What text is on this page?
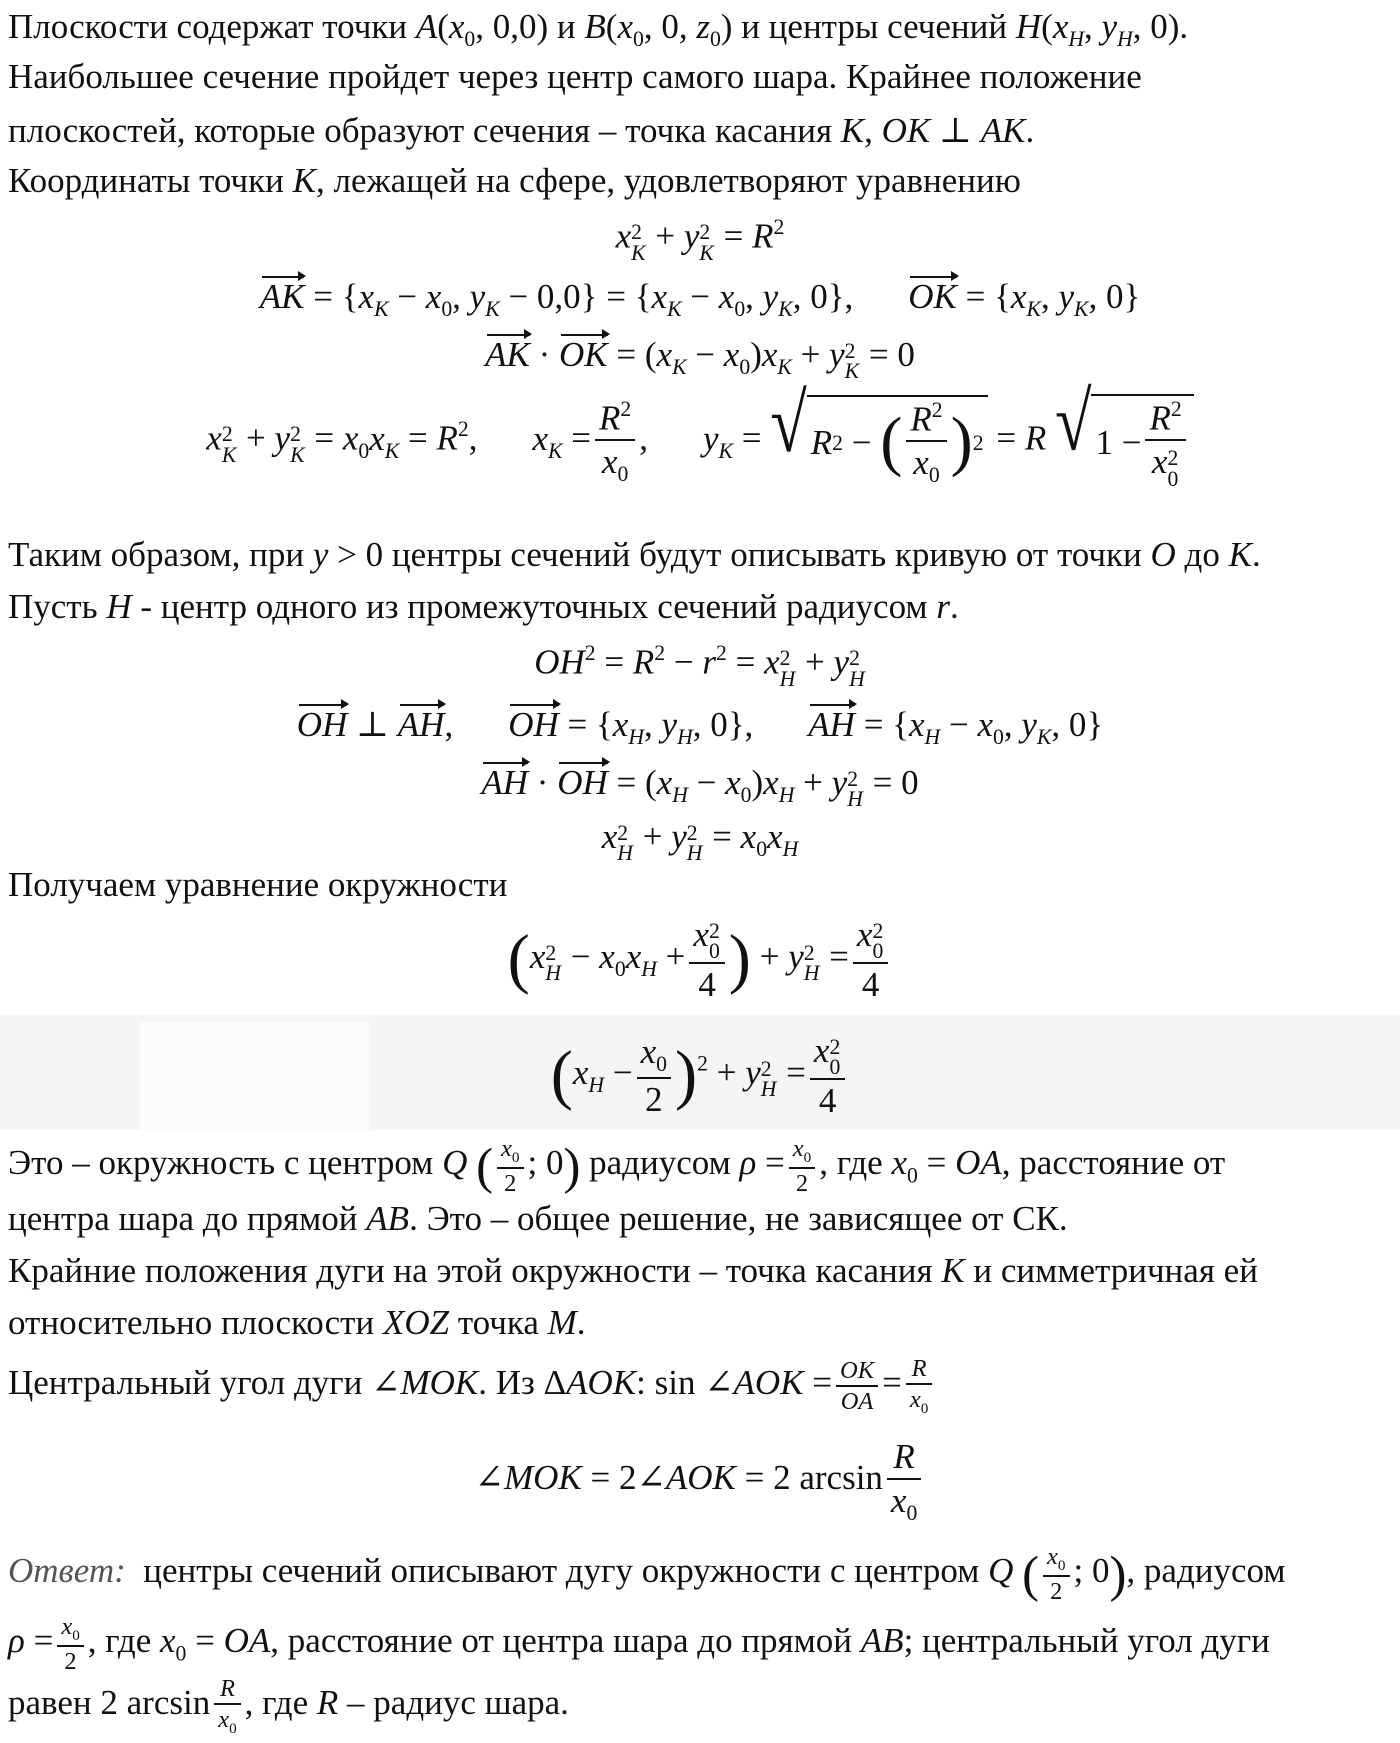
Плоскости содержат точки $A(x_0$, 0,0) и $B(x_0$, 0, $z_0$) и центры сечений $H(x_H$, $y_H$, 0).
Наибольшее сечение пройдет через центр самого шара. Крайнее положение
плоскостей, которые образуют сечения – точка касания K, OK ⊥ AK.
Координаты точки K, лежащей на сфере, удовлетворяют уравнению
x 2
K + y 2
$K = R^2$
AK = {$x_K - x_0$, $y_K - 0,0\} = \{x_K - x_0$, $y_K$, 0}, OK = {$x_K$, $y_K$, 0}
AK · OK = $(x_K - x_0)x_K + y$ 2
K = 0
x 2
K + y 2
$K = x_0x_K = R^2$, $x_K = \frac{R^2}{x_0}$ , $y_K$ = √ R 2 − ( $\frac{R^2}{x_0}$ ) 2 = R √ $1 - R^2$
x 2
0
Таким образом, при y > 0 центры сечений будут описывать кривую от точки O до K.
Пусть H - центр одного из промежуточных сечений радиусом r.
$OH^2 = R^2 - r^2 = x$ 2
H + y 2
H
OH ⊥ AH, OH = {$x_H$, $y_H$, 0}, AH = {$x_H - x_0$, $y_K$, 0}
AH · OH = $(x_H - x_0)x_H + y$ 2
H = 0
x 2
H + y 2
$H = x_0x_H$
Получаем уравнение окружности
(x 2
$H - x_0x_H + x$ 2
0
4 ) + y 2
H = x 2
0
4
$(x_H - \frac{x_0}{2} )^2 + y$ 2
H = x 2
0
4
Это – окружность с центром Q ( $\frac{x_0}{2}$ ; 0) радиусом $\rho = \frac{x_0}{2}$ , где $x_0$ = OA, расстояние от
центра шара до прямой AB. Это – общее решение, не зависящее от СК.
Крайние положения дуги на этой окружности – точка касания K и симметричная ей
относительно плоскости XOZ точка M.
Центральный угол дуги ∠MOK. Из ΔAOK: sin ∠AOK = $\frac{OK}{OA} = \frac{R}{x_0}$
∠MOK = 2∠AOK = 2 $\arcsin \frac{R}{x_0}$
Ответ: центры сечений описывают дугу окружности с центром Q ( $\frac{x_0}{2}$ ; 0), радиусом
$\rho = \frac{x_0}{2}$ , где $x_0$ = OA, расстояние от центра шара до прямой AB; центральный угол дуги
равен 2 $\arcsin \frac{R}{x_0}$ , где R – радиус шара.
